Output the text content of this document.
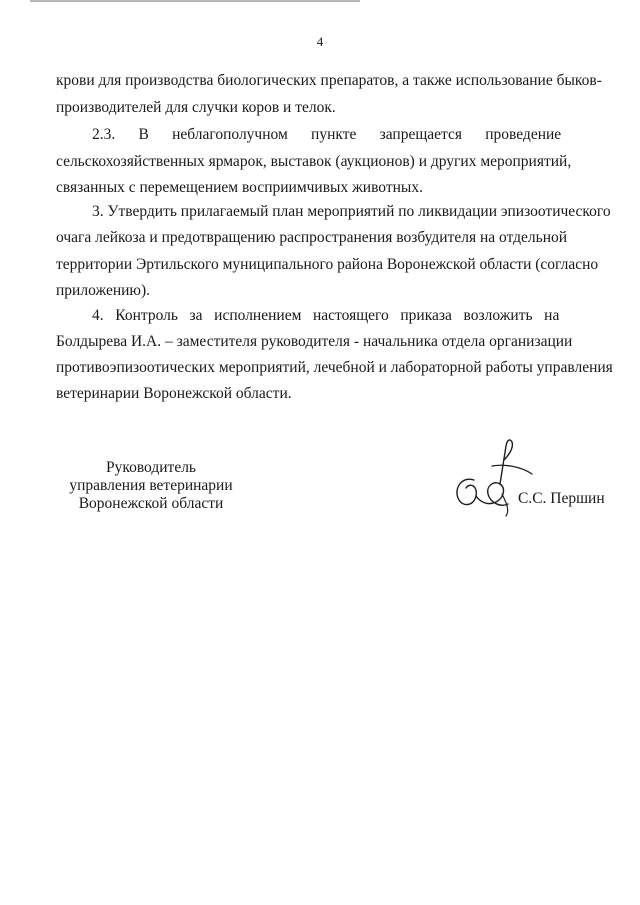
4
крови для производства биологических препаратов, а также использование быков-
производителей для случки коров и телок.
2.3.      В      неблагополучном      пункте      запрещается      проведение
сельскохозяйственных ярмарок, выставок (аукционов) и других мероприятий,
связанных с перемещением восприимчивых животных.
3. Утвердить прилагаемый план мероприятий по ликвидации эпизоотического
очага лейкоза и предотвращению распространения возбудителя на отдельной
территории Эртильского муниципального района Воронежской области (согласно
приложению).
4.   Контроль   за   исполнением   настоящего   приказа   возложить   на
Болдырева И.А. – заместителя руководителя - начальника отдела организации
противоэпизоотических мероприятий, лечебной и лабораторной работы управления
ветеринарии Воронежской области.
Руководитель
управления ветеринарии
Воронежской области	С.С. Першин
